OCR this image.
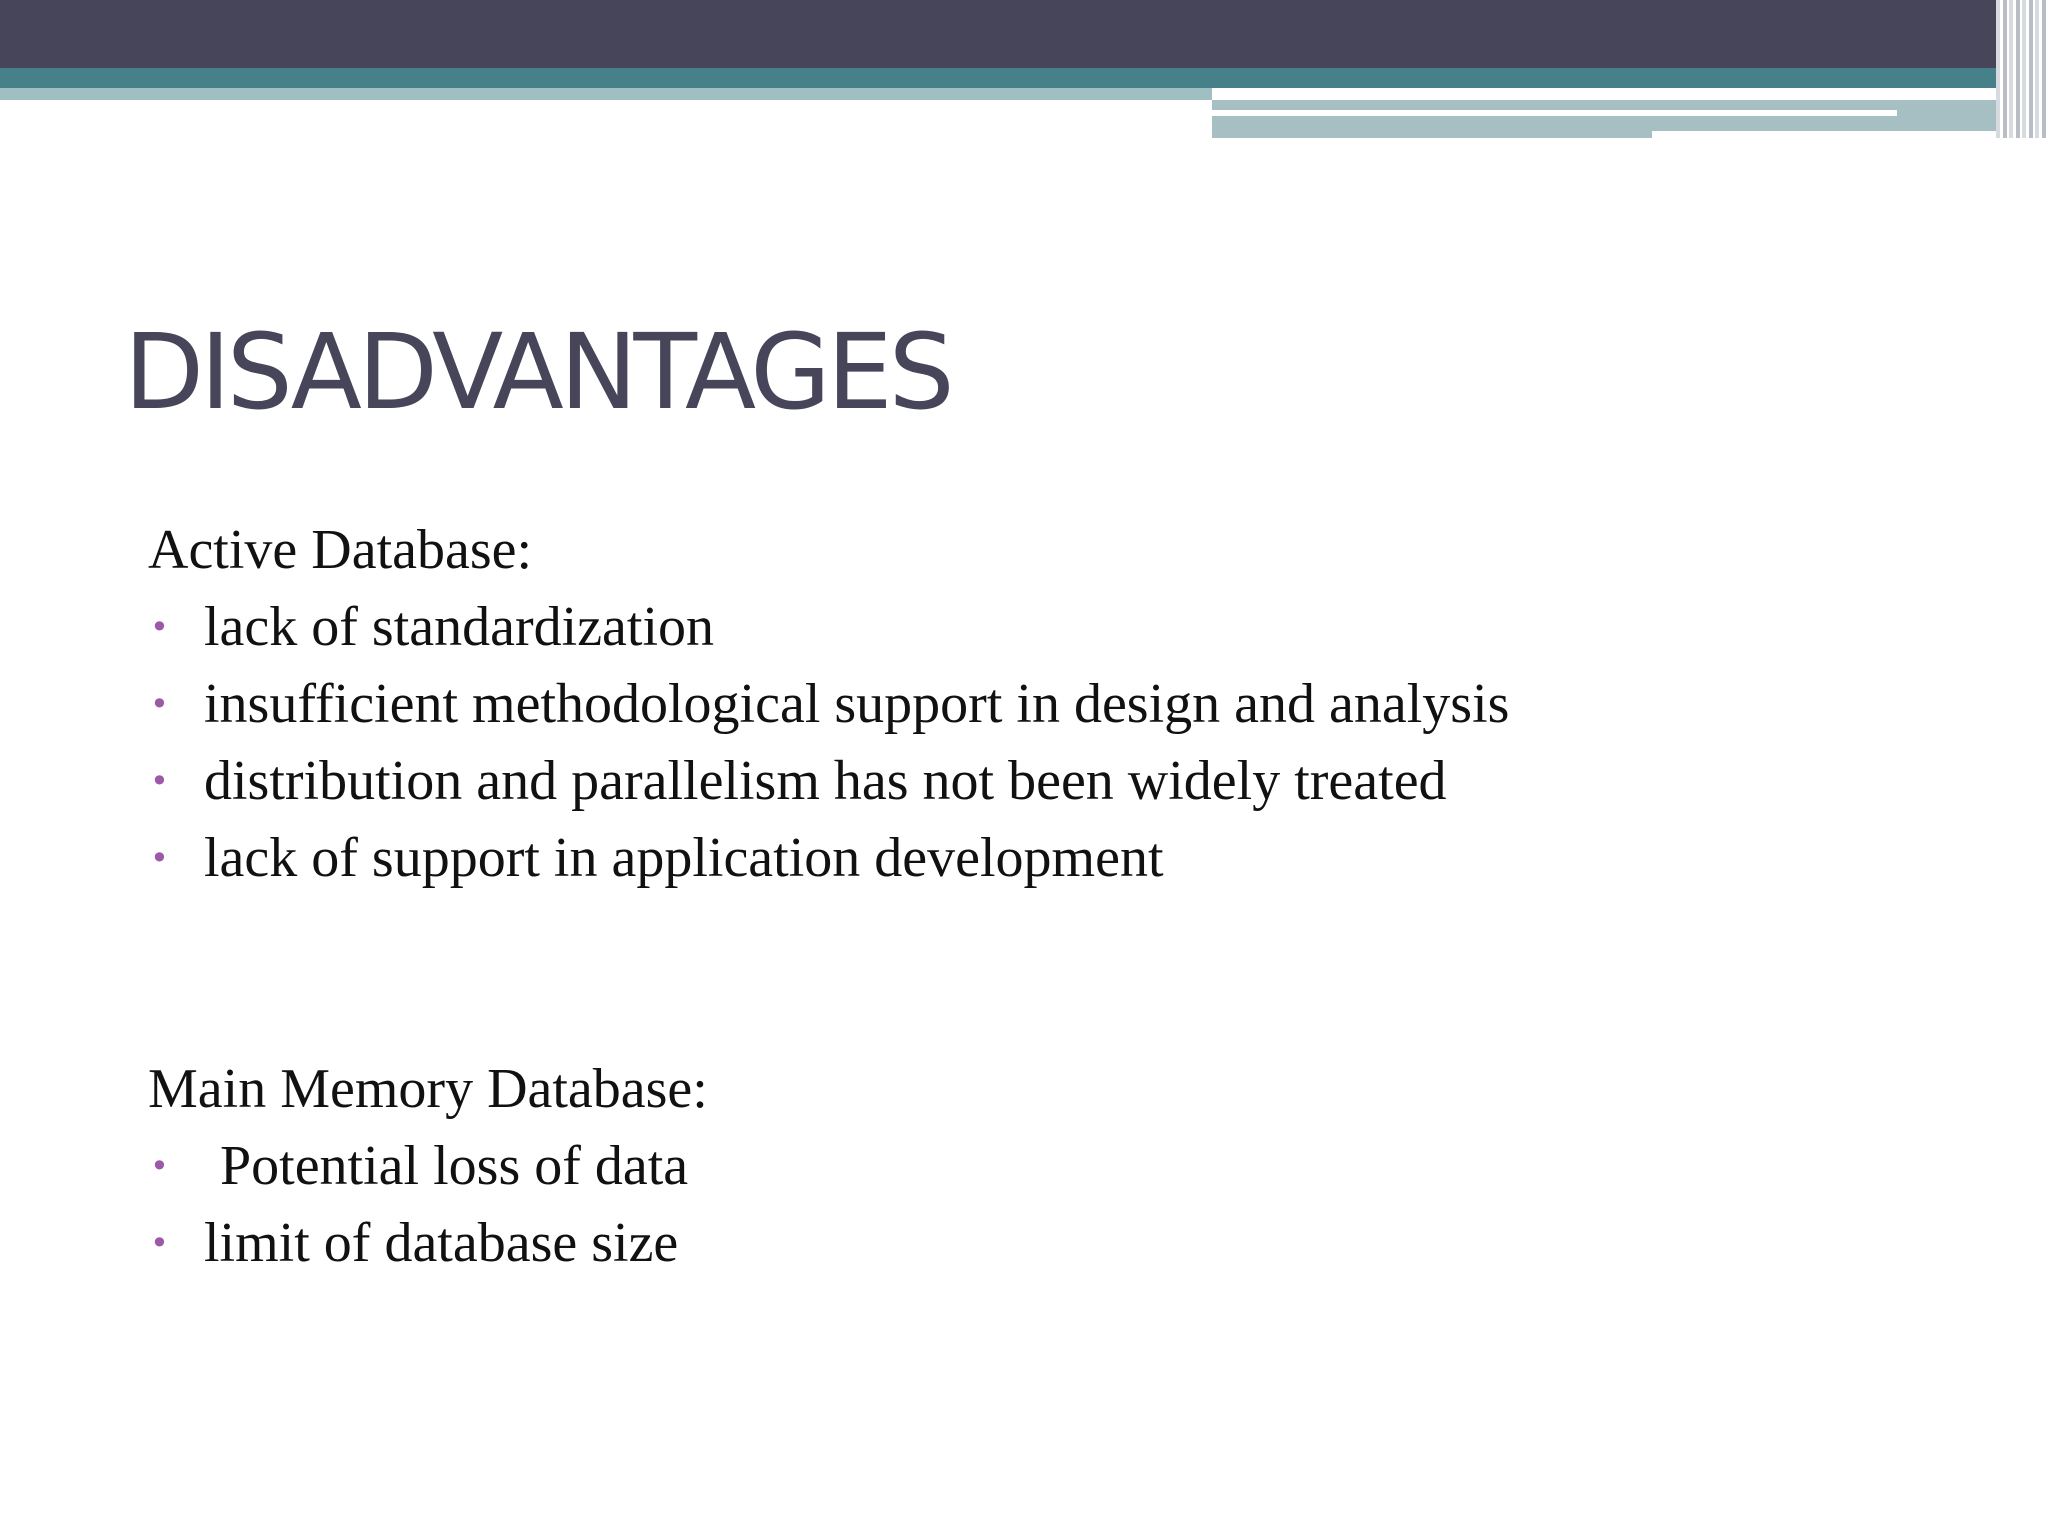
DISADVANTAGES

Active Database:

• lack of standardization
• insufficient methodological support in design and analysis
• distribution and parallelism has not been widely treated
• lack of support in application development

Main Memory Database:

• Potential loss of data
• limit of database size
